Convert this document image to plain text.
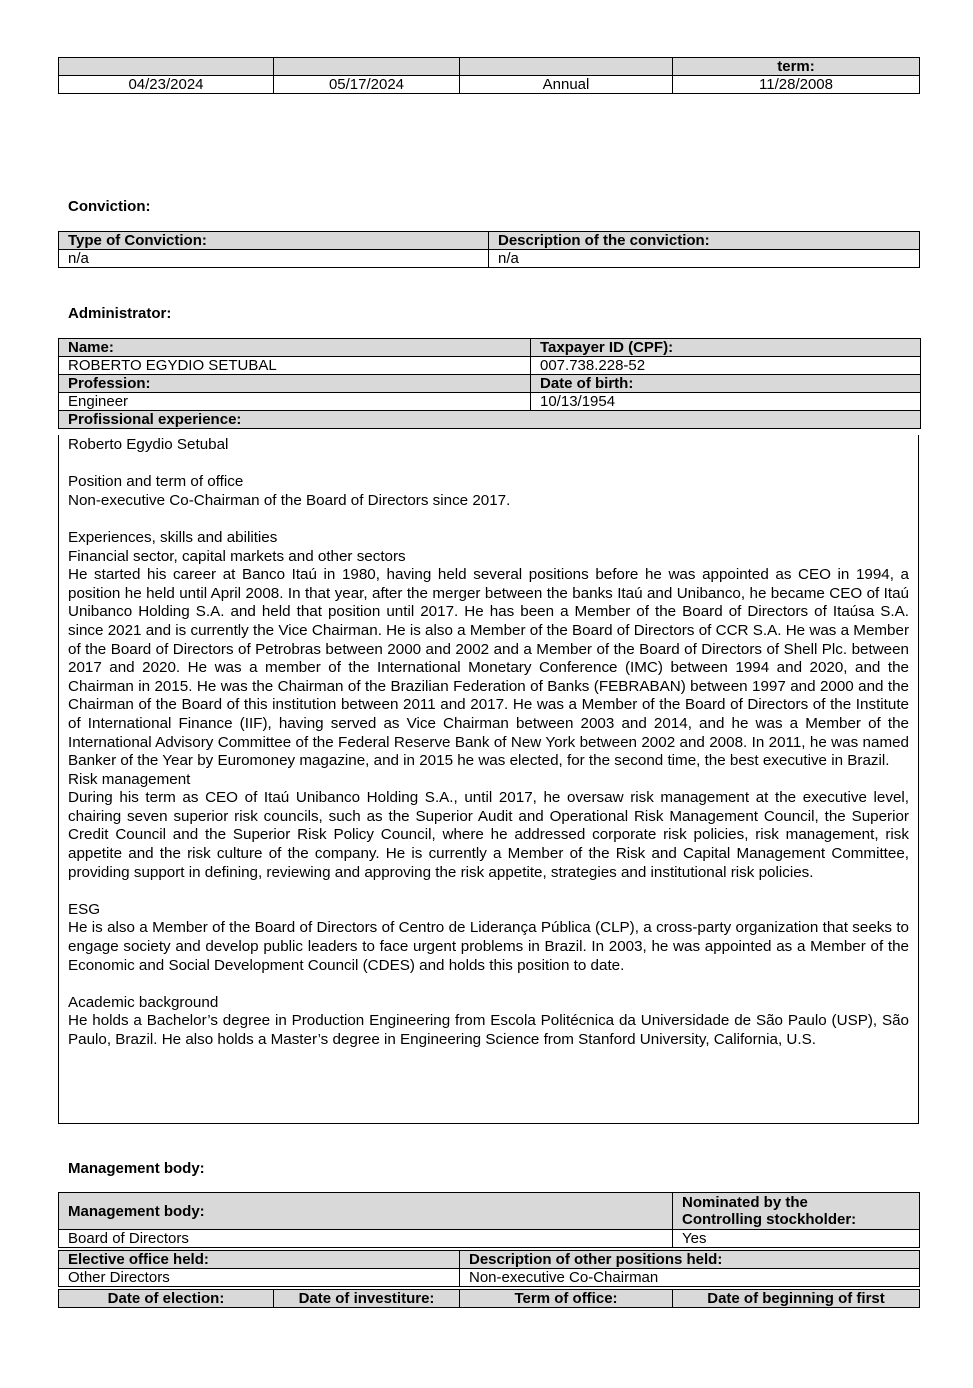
			term:
04/23/2024	05/17/2024	Annual	11/28/2008
Conviction:
Type of Conviction:	Description of the conviction:
n/a	n/a
Administrator:
Name:	Taxpayer ID (CPF):
ROBERTO EGYDIO SETUBAL	007.738.228-52
Profession:	Date of birth:
Engineer	10/13/1954
Profissional experience:	

Roberto Egydio Setubal

Position and term of office

Non-executive Co-Chairman of the Board of Directors since 2017.

Experiences, skills and abilities

Financial sector, capital markets and other sectors

He started his career at Banco Itaú in 1980, having held several positions before he was appointed as CEO in 1994, a position he held until April 2008. In that year, after the merger between the banks Itaú and Unibanco, he became CEO of Itaú Unibanco Holding S.A. and held that position until 2017. He has been a Member of the Board of Directors of Itaúsa S.A. since 2021 and is currently the Vice Chairman. He is also a Member of the Board of Directors of CCR S.A. He was a Member of the Board of Directors of Petrobras between 2000 and 2002 and a Member of the Board of Directors of Shell Plc. between 2017 and 2020. He was a member of the International Monetary Conference (IMC) between 1994 and 2020, and the Chairman in 2015. He was the Chairman of the Brazilian Federation of Banks (FEBRABAN) between 1997 and 2000 and the Chairman of the Board of this institution between 2011 and 2017. He was a Member of the Board of Directors of the Institute of International Finance (IIF), having served as Vice Chairman between 2003 and 2014, and he was a Member of the International Advisory Committee of the Federal Reserve Bank of New York between 2002 and 2008. In 2011, he was named Banker of the Year by Euromoney magazine, and in 2015 he was elected, for the second time, the best executive in Brazil.

Risk management

During his term as CEO of Itaú Unibanco Holding S.A., until 2017, he oversaw risk management at the executive level, chairing seven superior risk councils, such as the Superior Audit and Operational Risk Management Council, the Superior Credit Council and the Superior Risk Policy Council, where he addressed corporate risk policies, risk management, risk appetite and the risk culture of the company. He is currently a Member of the Risk and Capital Management Committee, providing support in defining, reviewing and approving the risk appetite, strategies and institutional risk policies.

ESG

He is also a Member of the Board of Directors of Centro de Liderança Pública (CLP), a cross-party organization that seeks to engage society and develop public leaders to face urgent problems in Brazil. In 2003, he was appointed as a Member of the Economic and Social Development Council (CDES) and holds this position to date.

Academic background

He holds a Bachelor’s degree in Production Engineering from Escola Politécnica da Universidade de São Paulo (USP), São Paulo, Brazil. He also holds a Master’s degree in Engineering Science from Stanford University, California, U.S.

Management body:
Management body:	Nominated by the
Controlling stockholder:

Board of Directors	Yes
Elective office held:	Description of other positions held:
Other Directors	Non-executive Co-Chairman
Date of election:	Date of investiture:	Term of office:	Date of beginning of first
